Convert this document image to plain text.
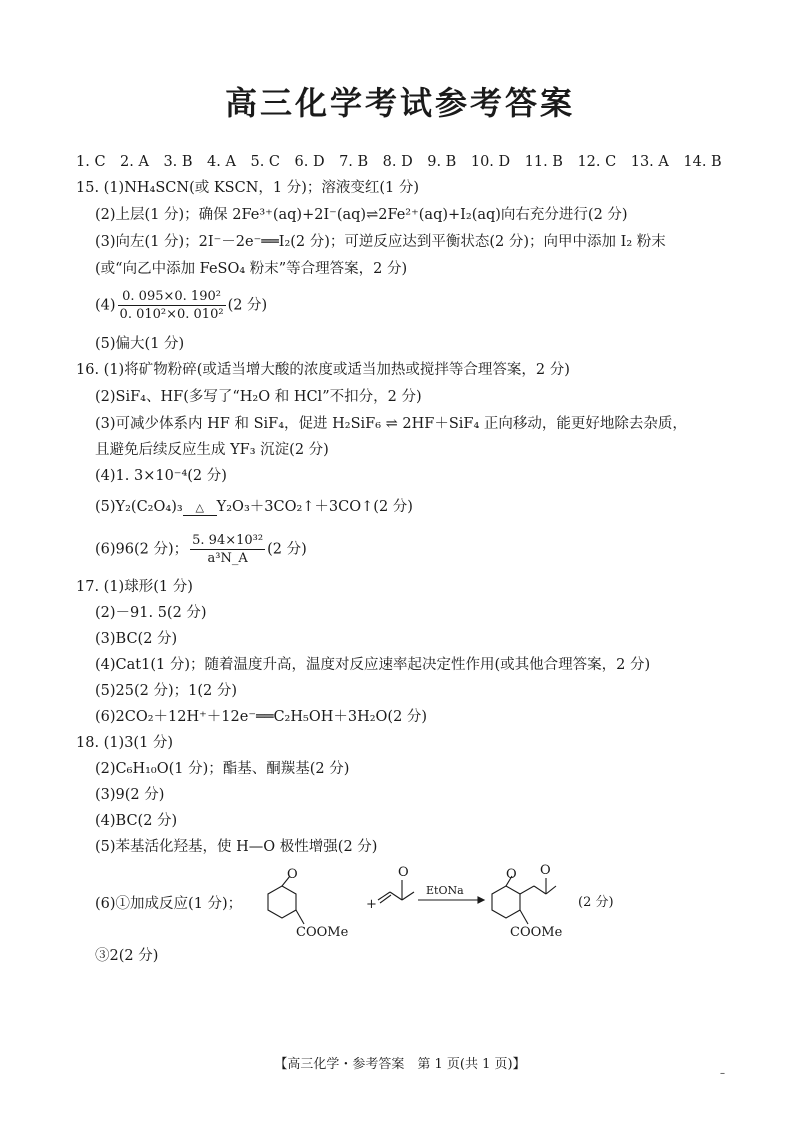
高三化学考试参考答案
1. C　2. A　3. B　4. A　5. C　6. D　7. B　8. D　9. B　10. D　11. B　12. C　13. A　14. B
15. (1)NH₄SCN(或 KSCN，1 分)；溶液变红(1 分)
(2)上层(1 分)；确保 2Fe³⁺(aq)+2I⁻(aq)⇌2Fe²⁺(aq)+I₂(aq)向右充分进行(2 分)
(3)向左(1 分)；2I⁻－2e⁻══I₂(2 分)；可逆反应达到平衡状态(2 分)；向甲中添加 I₂ 粉末
(或“向乙中添加 FeSO₄ 粉末”等合理答案，2 分)
$(4) \frac{\text{0. 095×0. 190²}}{\text{0. 010²×0. 010²}} (2$ 分)
(5)偏大(1 分)
16. (1)将矿物粉碎(或适当增大酸的浓度或适当加热或搅拌等合理答案，2 分)
(2)SiF₄、HF(多写了“H₂O 和 HCl”不扣分，2 分)
(3)可减少体系内 HF 和 SiF₄，促进 H₂SiF₆ ⇌ 2HF＋SiF₄ 正向移动，能更好地除去杂质，
且避免后续反应生成 YF₃ 沉淀(2 分)
(4)1. 3×10⁻⁴(2 分)
(5)Y₂(C₂O₄)₃	△ Y₂O₃＋3CO₂↑＋3CO↑(2 分)
(6)96(2 分)； $\frac{\text{5. 94×10³²}}{\text{a³N\_A}} (2$ 分)
17. (1)球形(1 分)
(2)－91. 5(2 分)
(3)BC(2 分)
(4)Cat1(1 分)；随着温度升高，温度对反应速率起决定性作用(或其他合理答案，2 分)
(5)25(2 分)；1(2 分)
(6)2CO₂＋12H⁺＋12e⁻══C₂H₅OH＋3H₂O(2 分)
18. (1)3(1 分)
(2)C₆H₁₀O(1 分)；酯基、酮羰基(2 分)
(3)9(2 分)
(4)BC(2 分)
(5)苯基活化羟基，使 H—O 极性增强(2 分)
(6)①加成反应(1 分)；
O
COOMe
+
O
EtONa
O O
COOMe
(2 分)
③2(2 分)
【高三化学・参考答案　第 1 页(共 1 页)】
–
